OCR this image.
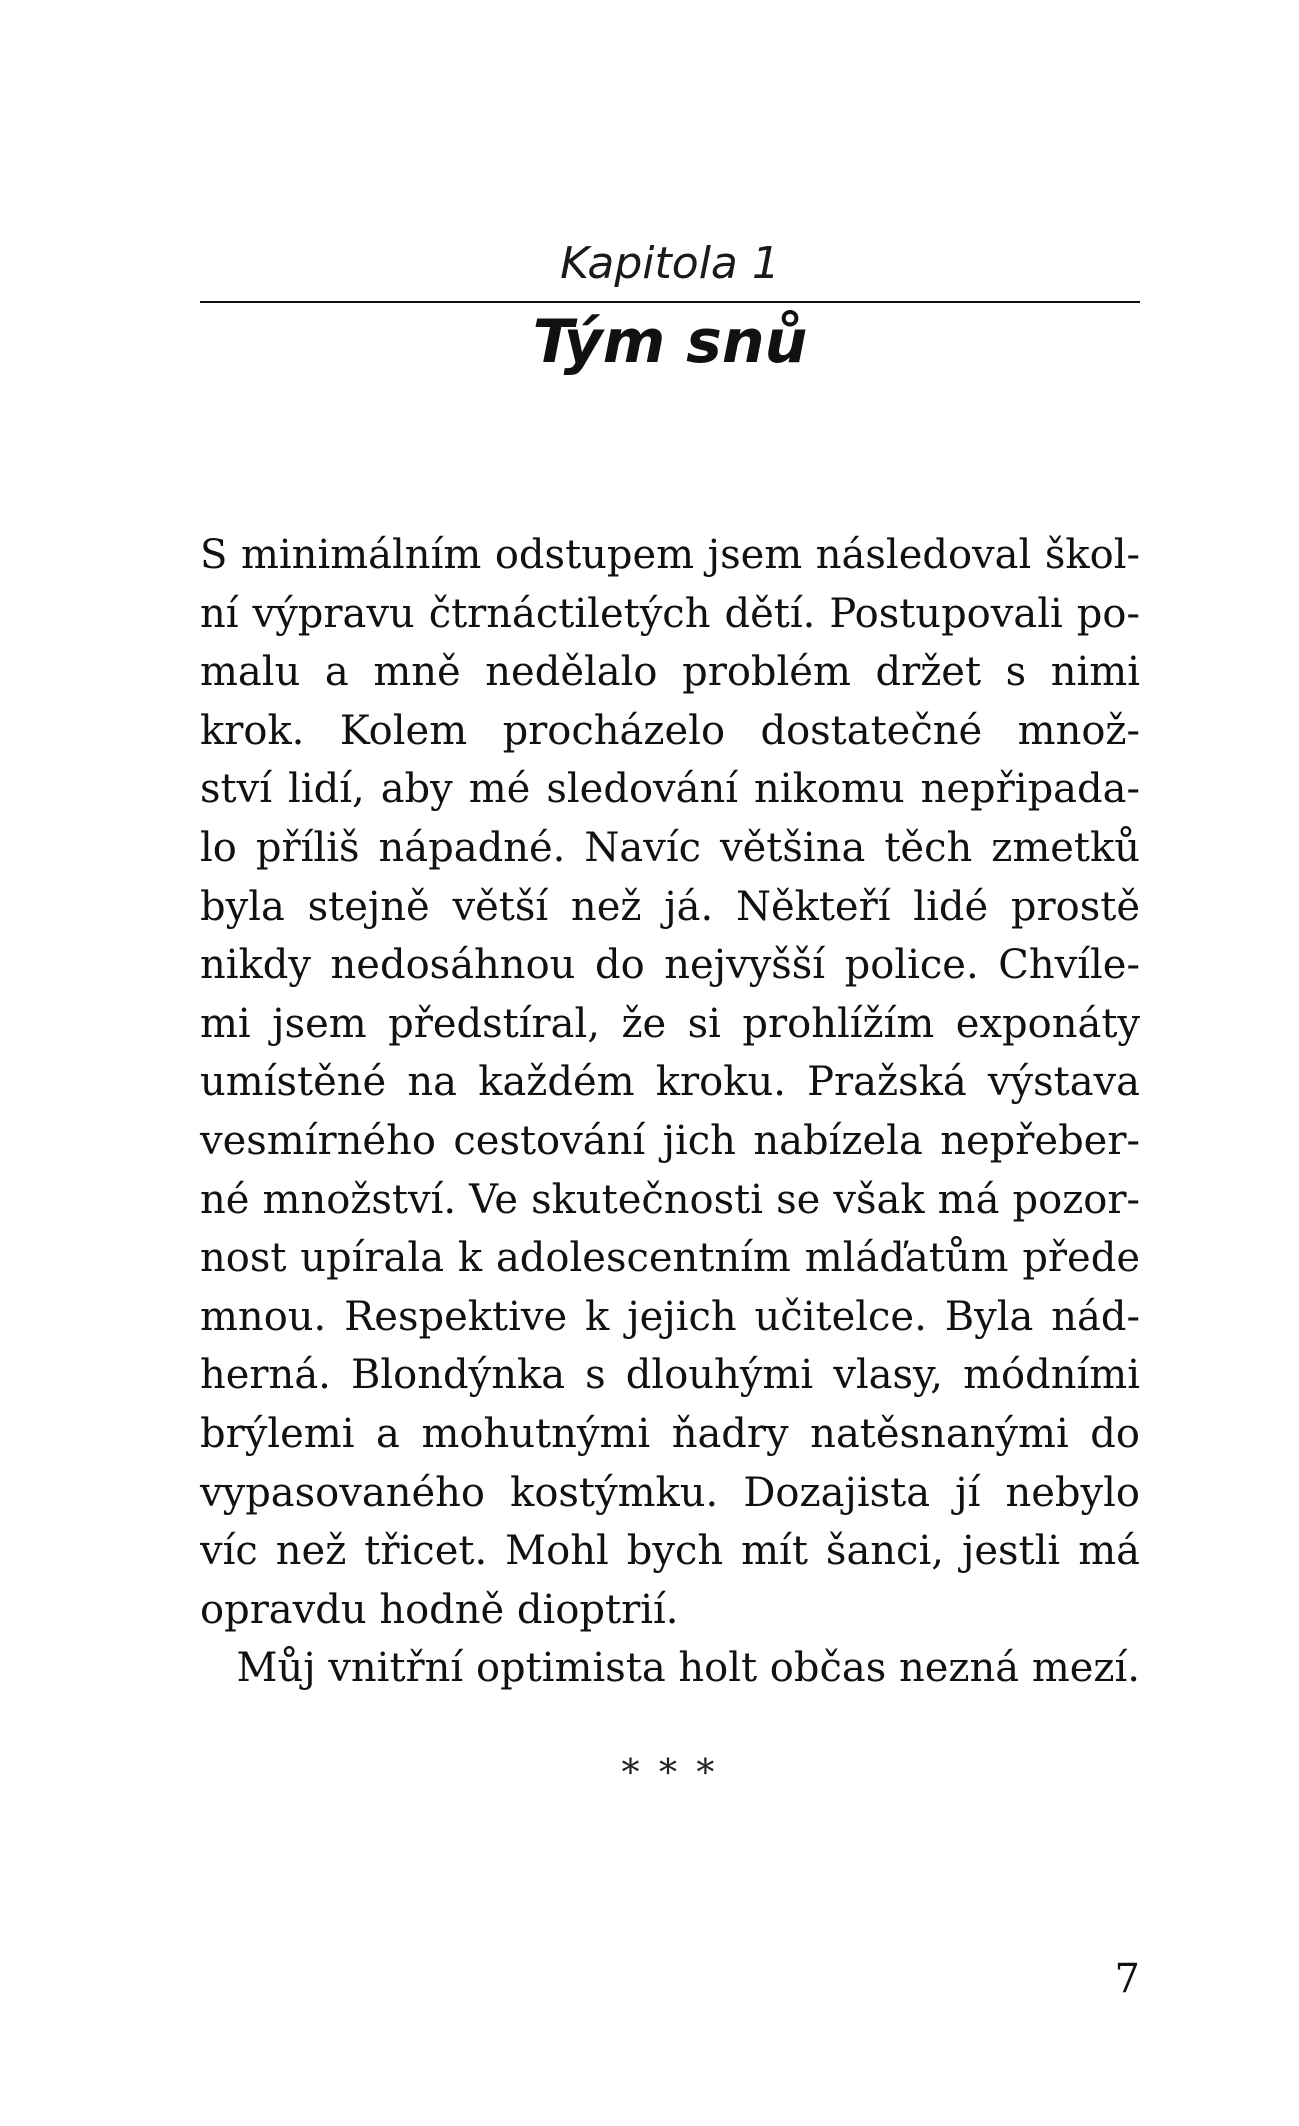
Kapitola 1
Tým snů
S minimálním odstupem jsem následoval škol-
ní výpravu čtrnáctiletých dětí. Postupovali po-
malu a mně nedělalo problém držet s nimi
krok. Kolem procházelo dostatečné množ-
ství lidí, aby mé sledování nikomu nepřipada-
lo příliš nápadné. Navíc většina těch zmetků
byla stejně větší než já. Někteří lidé prostě
nikdy nedosáhnou do nejvyšší police. Chvíle-
mi jsem předstíral, že si prohlížím exponáty
umístěné na každém kroku. Pražská výstava
vesmírného cestování jich nabízela nepřeber-
né množství. Ve skutečnosti se však má pozor-
nost upírala k adolescentním mláďatům přede
mnou. Respektive k jejich učitelce. Byla nád-
herná. Blondýnka s dlouhými vlasy, módními
brýlemi a mohutnými ňadry natěsnanými do
vypasovaného kostýmku. Dozajista jí nebylo
víc než třicet. Mohl bych mít šanci, jestli má
opravdu hodně dioptrií.
Můj vnitřní optimista holt občas nezná mezí.
* * *
7
